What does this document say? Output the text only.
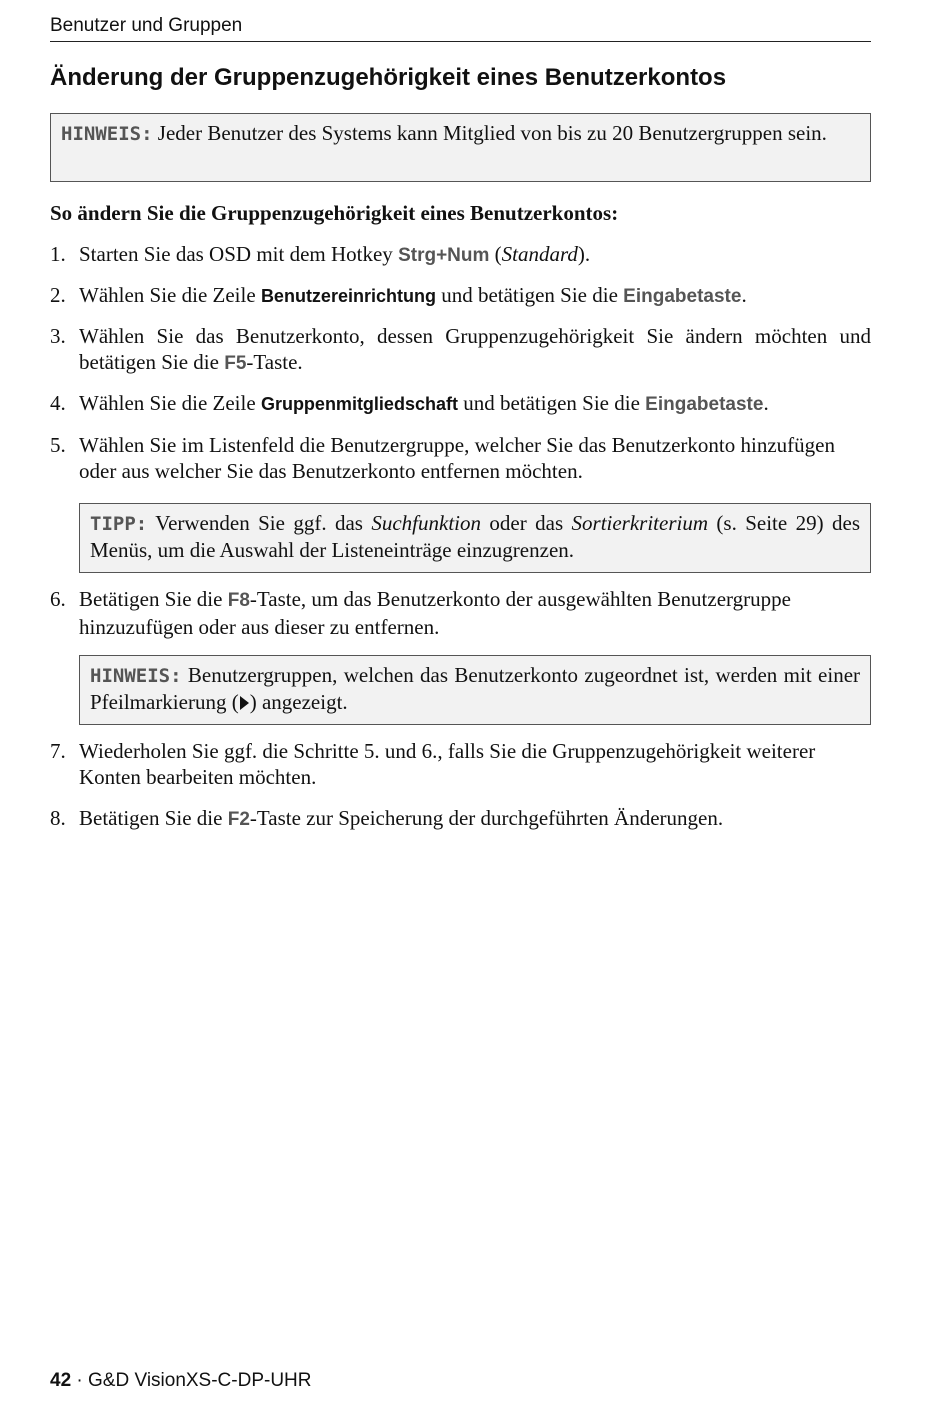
Benutzer und Gruppen
Änderung der Gruppenzugehörigkeit eines Benutzerkontos
HINWEIS: Jeder Benutzer des Systems kann Mitglied von bis zu 20 Benutzergruppen sein.
So ändern Sie die Gruppenzugehörigkeit eines Benutzerkontos:
1. Starten Sie das OSD mit dem Hotkey Strg+Num (Standard).
2. Wählen Sie die Zeile Benutzereinrichtung und betätigen Sie die Eingabetaste.
3. Wählen Sie das Benutzerkonto, dessen Gruppenzugehörigkeit Sie ändern möchten und betätigen Sie die F5-Taste.
4. Wählen Sie die Zeile Gruppenmitgliedschaft und betätigen Sie die Eingabetaste.
5. Wählen Sie im Listenfeld die Benutzergruppe, welcher Sie das Benutzerkonto hinzufügen oder aus welcher Sie das Benutzerkonto entfernen möchten.
TIPP: Verwenden Sie ggf. das Suchfunktion oder das Sortierkriterium (s. Seite 29) des Menüs, um die Auswahl der Listeneinträge einzugrenzen.
6. Betätigen Sie die F8-Taste, um das Benutzerkonto der ausgewählten Benutzergruppe hinzuzufügen oder aus dieser zu entfernen.
HINWEIS: Benutzergruppen, welchen das Benutzerkonto zugeordnet ist, werden mit einer Pfeilmarkierung ( ) angezeigt.
7. Wiederholen Sie ggf. die Schritte 5. und 6., falls Sie die Gruppenzugehörigkeit weiterer Konten bearbeiten möchten.
8. Betätigen Sie die F2-Taste zur Speicherung der durchgeführten Änderungen.
42 · G&D VisionXS-C-DP-UHR
